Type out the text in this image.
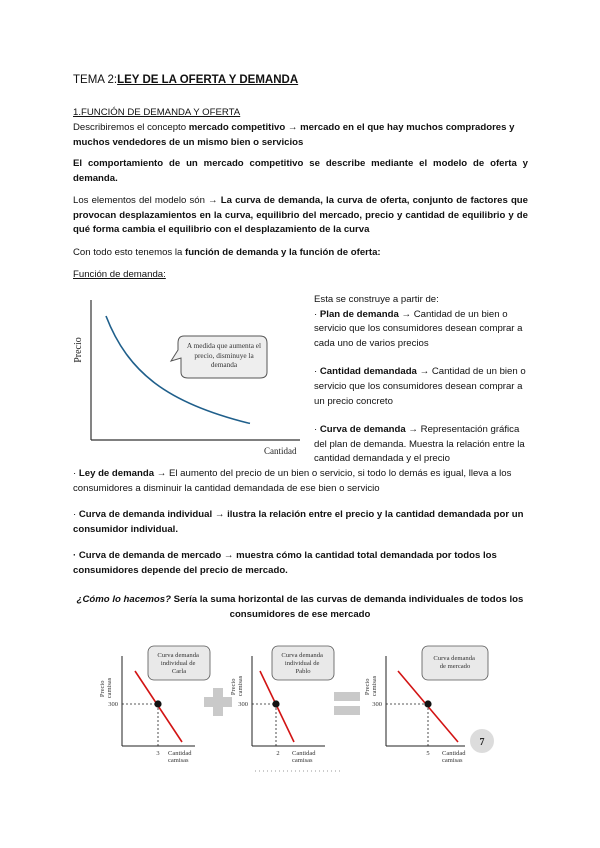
TEMA 2:LEY DE LA OFERTA Y DEMANDA
1.FUNCIÓN DE DEMANDA Y OFERTA
Describiremos el concepto mercado competitivo → mercado en el que hay muchos compradores y muchos vendedores de un mismo bien o servicios
El comportamiento de un mercado competitivo se describe mediante el modelo de oferta y demanda.
Los elementos del modelo són → La curva de demanda, la curva de oferta, conjunto de factores que provocan desplazamientos en la curva, equilibrio del mercado, precio y cantidad de equilibrio y de qué forma cambia el equilibrio con el desplazamiento de la curva
Con todo esto tenemos la función de demanda y la función de oferta:
Función de demanda:
Precio
Cantidad
A medida que aumenta el precio, disminuye la demanda

Esta se construye a partir de:

· Plan de demanda → Cantidad de un bien o servicio que los consumidores desean comprar a cada uno de varios precios

· Cantidad demandada → Cantidad de un bien o servicio que los consumidores desean comprar a un precio concreto

· Curva de demanda → Representación gráfica del plan de demanda. Muestra la relación entre la cantidad demandada y el precio

· Ley de demanda → El aumento del precio de un bien o servicio, si todo lo demás es igual, lleva a los consumidores a disminuir la cantidad demandada de ese bien o servicio
· Curva de demanda individual → ilustra la relación entre el precio y la cantidad demandada por un consumidor individual.
· Curva de demanda de mercado → muestra cómo la cantidad total demandada por todos los consumidores depende del precio de mercado.
¿Cómo lo hacemos? Sería la suma horizontal de las curvas de demanda individuales de todos los consumidores de ese mercado
Curva demanda individual de Carla
Precio camisas
300
3 Cantidad camisas
Curva demanda individual de Pablo
Precio camisas
300
2 Cantidad camisas
Curva demanda de mercado
Precio camisas
300
5 Cantidad camisas
7
